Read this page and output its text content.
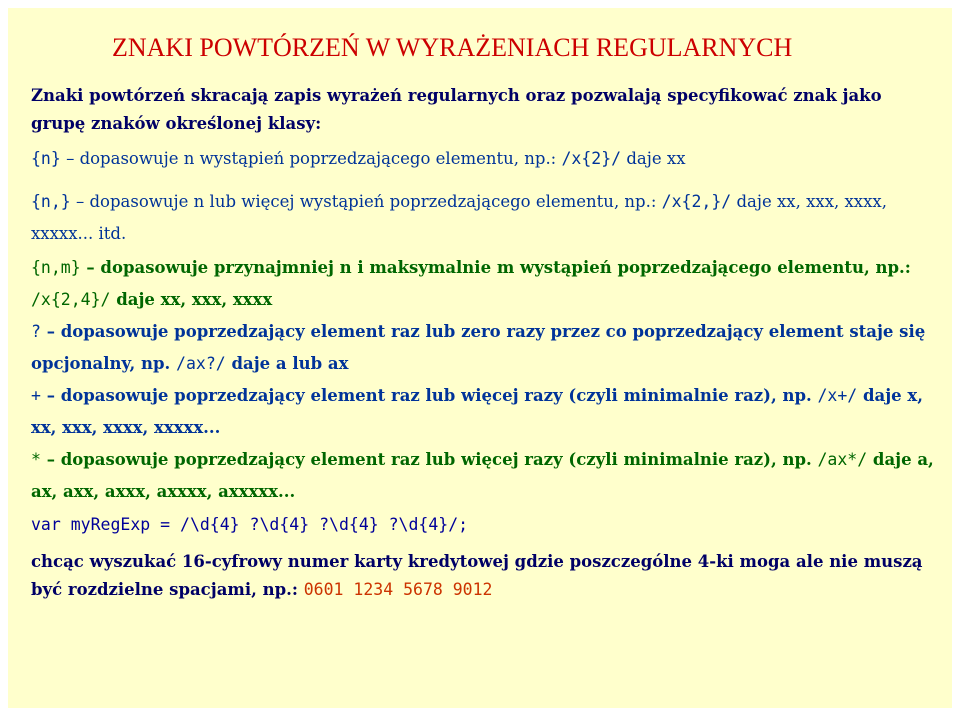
ZNAKI POWTÓRZEŃ W WYRAŻENIACH REGULARNYCH

Znaki powtórzeń skracają zapis wyrażeń regularnych oraz pozwalają specyfikować znak jako grupę znaków określonej klasy:

{n} – dopasowuje n wystąpień poprzedzającego elementu, np.: /x{2}/ daje xx

{n,} – dopasowuje n lub więcej wystąpień poprzedzającego elementu, np.: /x{2,}/ daje xx, xxx, xxxx, xxxxx... itd.

{n,m} – dopasowuje przynajmniej n i maksymalnie m wystąpień poprzedzającego elementu, np.: /x{2,4}/ daje xx, xxx, xxxx

? – dopasowuje poprzedzający element raz lub zero razy przez co poprzedzający element staje się opcjonalny, np. /ax?/ daje a lub ax

+ – dopasowuje poprzedzający element raz lub więcej razy (czyli minimalnie raz), np. /x+/ daje x, xx, xxx, xxxx, xxxxx...

* – dopasowuje poprzedzający element raz lub więcej razy (czyli minimalnie raz), np. /ax*/ daje a, ax, axx, axxx, axxxx, axxxxx...

var myRegExp = /\d{4} ?\d{4} ?\d{4} ?\d{4}/;

chcąc wyszukać 16-cyfrowy numer karty kredytowej gdzie poszczególne 4-ki moga ale nie muszą być rozdzielne spacjami, np.: 0601 1234 5678 9012
